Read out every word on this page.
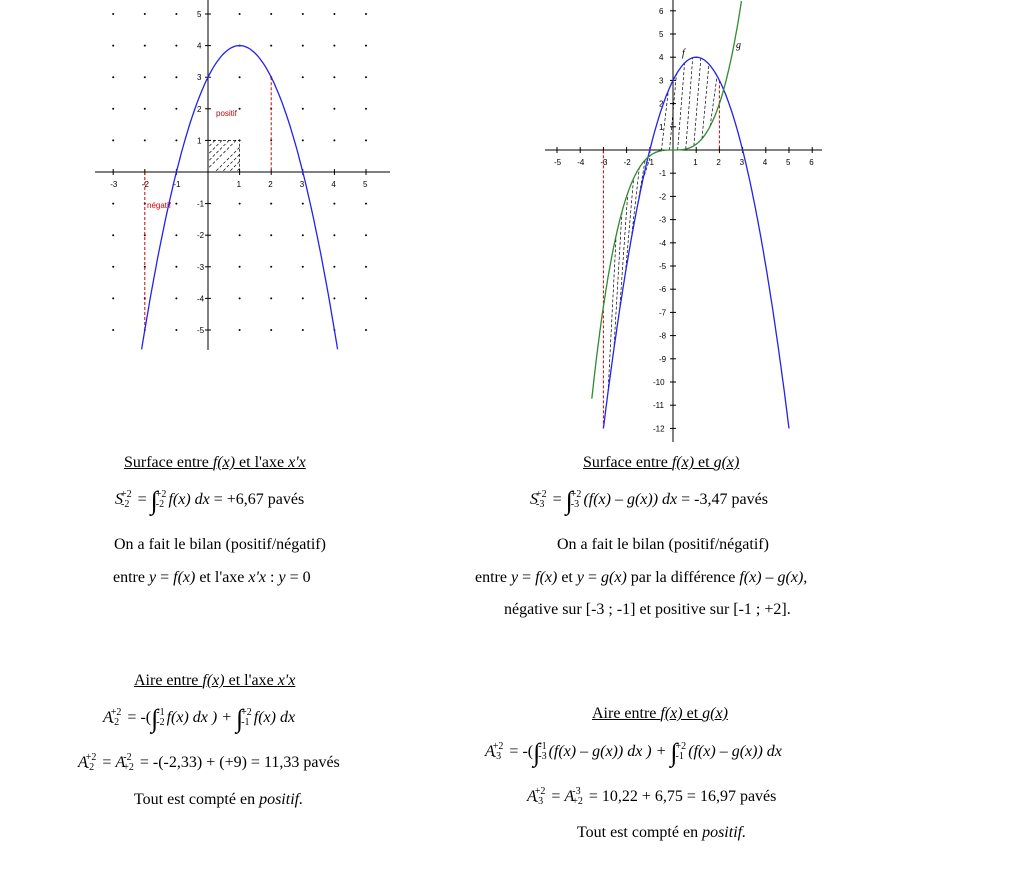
-3	-2	-1	1	2	3	4	5
5
4
3
2
1
-1
-2
-3
-4
-5
positif
négatif
-5 -4 -3 -2 -1	1 2 3 4 5 6
6
5
4
3
2
1
-1
-2
-3
-4
-5
-6
-7
-8
-9
-10
-11
-12
f
g
Surface entre f(x) et l'axe x'x
S
+2
-2 = ∫
+2
-2 f(x) dx = +6,67 pavés
On a fait le bilan (positif/négatif)
entre y = f(x) et l'axe x'x : y = 0
Aire entre f(x) et l'axe x'x
A
+2
-2 = -(∫
-1
-2 f(x) dx ) + ∫
+2
-1 f(x) dx
A
+2
-2 = A
-2
+2 = -(-2,33) + (+9) = 11,33 pavés
Tout est compté en positif.
Surface entre f(x) et g(x)
S
+2
-3 = ∫
+2
-3 (f(x) – g(x)) dx = -3,47 pavés
On a fait le bilan (positif/négatif)
entre y = f(x) et y = g(x) par la différence f(x) – g(x),
négative sur [-3 ; -1] et positive sur [-1 ; +2].
Aire entre f(x) et g(x)
A
+2
-3 = -(∫
-1
-3 (f(x) – g(x)) dx ) + ∫
+2
-1 (f(x) – g(x)) dx
A
+2
-3 = A
-3
+2 = 10,22 + 6,75 = 16,97 pavés
Tout est compté en positif.
